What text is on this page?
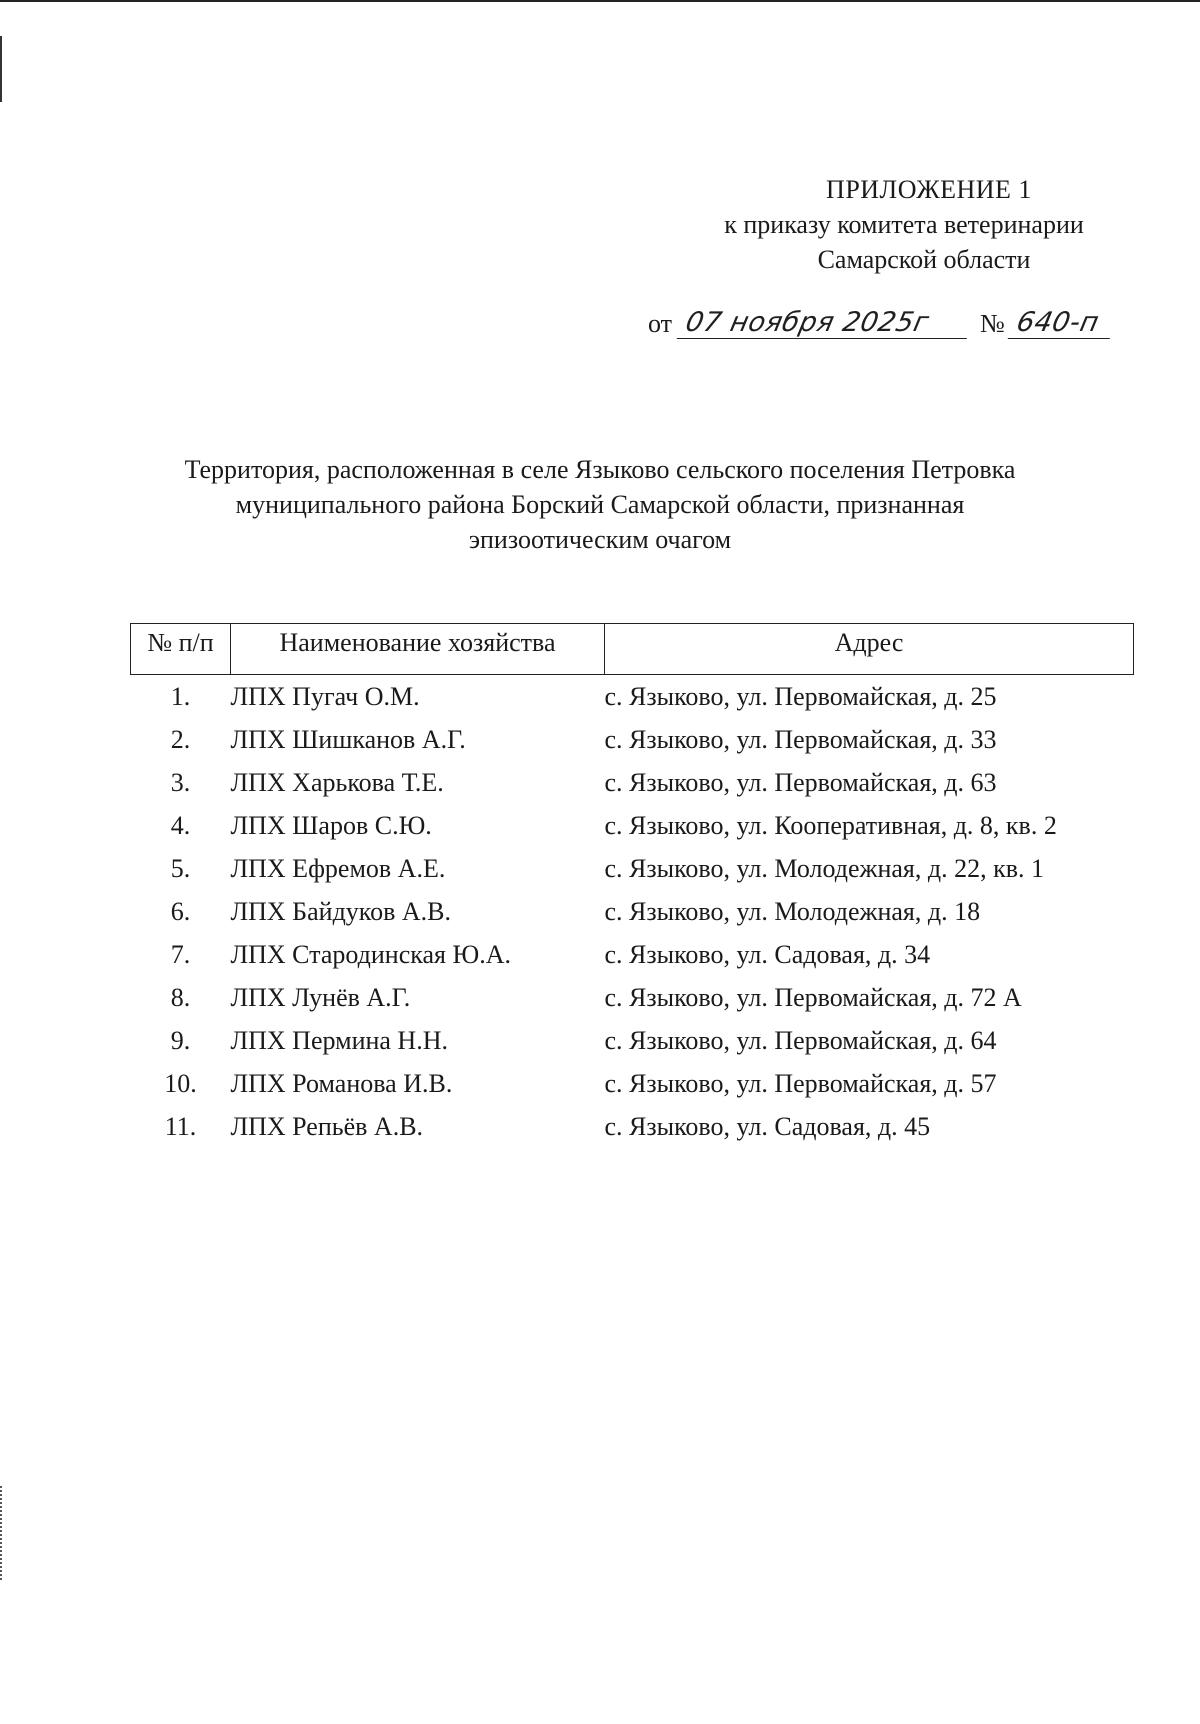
ПРИЛОЖЕНИЕ 1
к приказу комитета ветеринарии
Самарской области
от 07 ноября 2025г	№ 640-п
Территория, расположенная в селе Языково сельского поселения Петровка
муниципального района Борский Самарской области, признанная
эпизоотическим очагом
№ п/п	Наименование хозяйства	Адрес
1.	ЛПХ Пугач О.М.	с. Языково, ул. Первомайская, д. 25
2.	ЛПХ Шишканов А.Г.	с. Языково, ул. Первомайская, д. 33
3.	ЛПХ Харькова Т.Е.	с. Языково, ул. Первомайская, д. 63
4.	ЛПХ Шаров С.Ю.	с. Языково, ул. Кооперативная, д. 8, кв. 2
5.	ЛПХ Ефремов А.Е.	с. Языково, ул. Молодежная, д. 22, кв. 1
6.	ЛПХ Байдуков А.В.	с. Языково, ул. Молодежная, д. 18
7.	ЛПХ Стародинская Ю.А.	с. Языково, ул. Садовая, д. 34
8.	ЛПХ Лунёв А.Г.	с. Языково, ул. Первомайская, д. 72 А
9.	ЛПХ Пермина Н.Н.	с. Языково, ул. Первомайская, д. 64
10.	ЛПХ Романова И.В.	с. Языково, ул. Первомайская, д. 57
11.	ЛПХ Репьёв А.В.	с. Языково, ул. Садовая, д. 45
